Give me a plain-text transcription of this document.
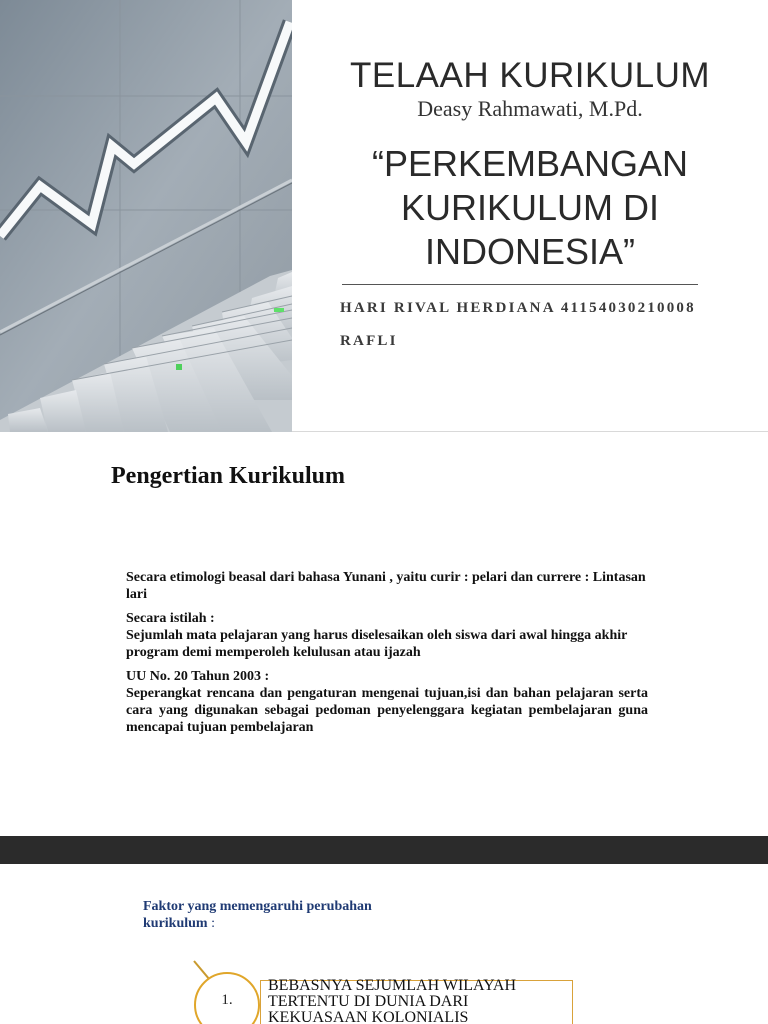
TELAAH KURIKULUM
Deasy Rahmawati, M.Pd.
“PERKEMBANGAN
KURIKULUM DI
INDONESIA”
HARI RIVAL HERDIANA 41154030210008
RAFLI
Pengertian Kurikulum

Secara etimologi beasal dari bahasa Yunani , yaitu curir : pelari dan currere : Lintasan lari

Secara istilah :

Sejumlah mata pelajaran yang harus diselesaikan oleh siswa dari awal hingga akhir program demi memperoleh kelulusan atau ijazah

UU No. 20 Tahun 2003 :

Seperangkat rencana dan pengaturan mengenai tujuan,isi dan bahan pelajaran serta cara yang digunakan sebagai pedoman penyelenggara kegiatan pembelajaran guna mencapai tujuan pembelajaran

Faktor yang memengaruhi perubahan kurikulum :
1.
BEBASNYA SEJUMLAH WILAYAH
TERTENTU DI DUNIA DARI
KEKUASAAN KOLONIALIS
